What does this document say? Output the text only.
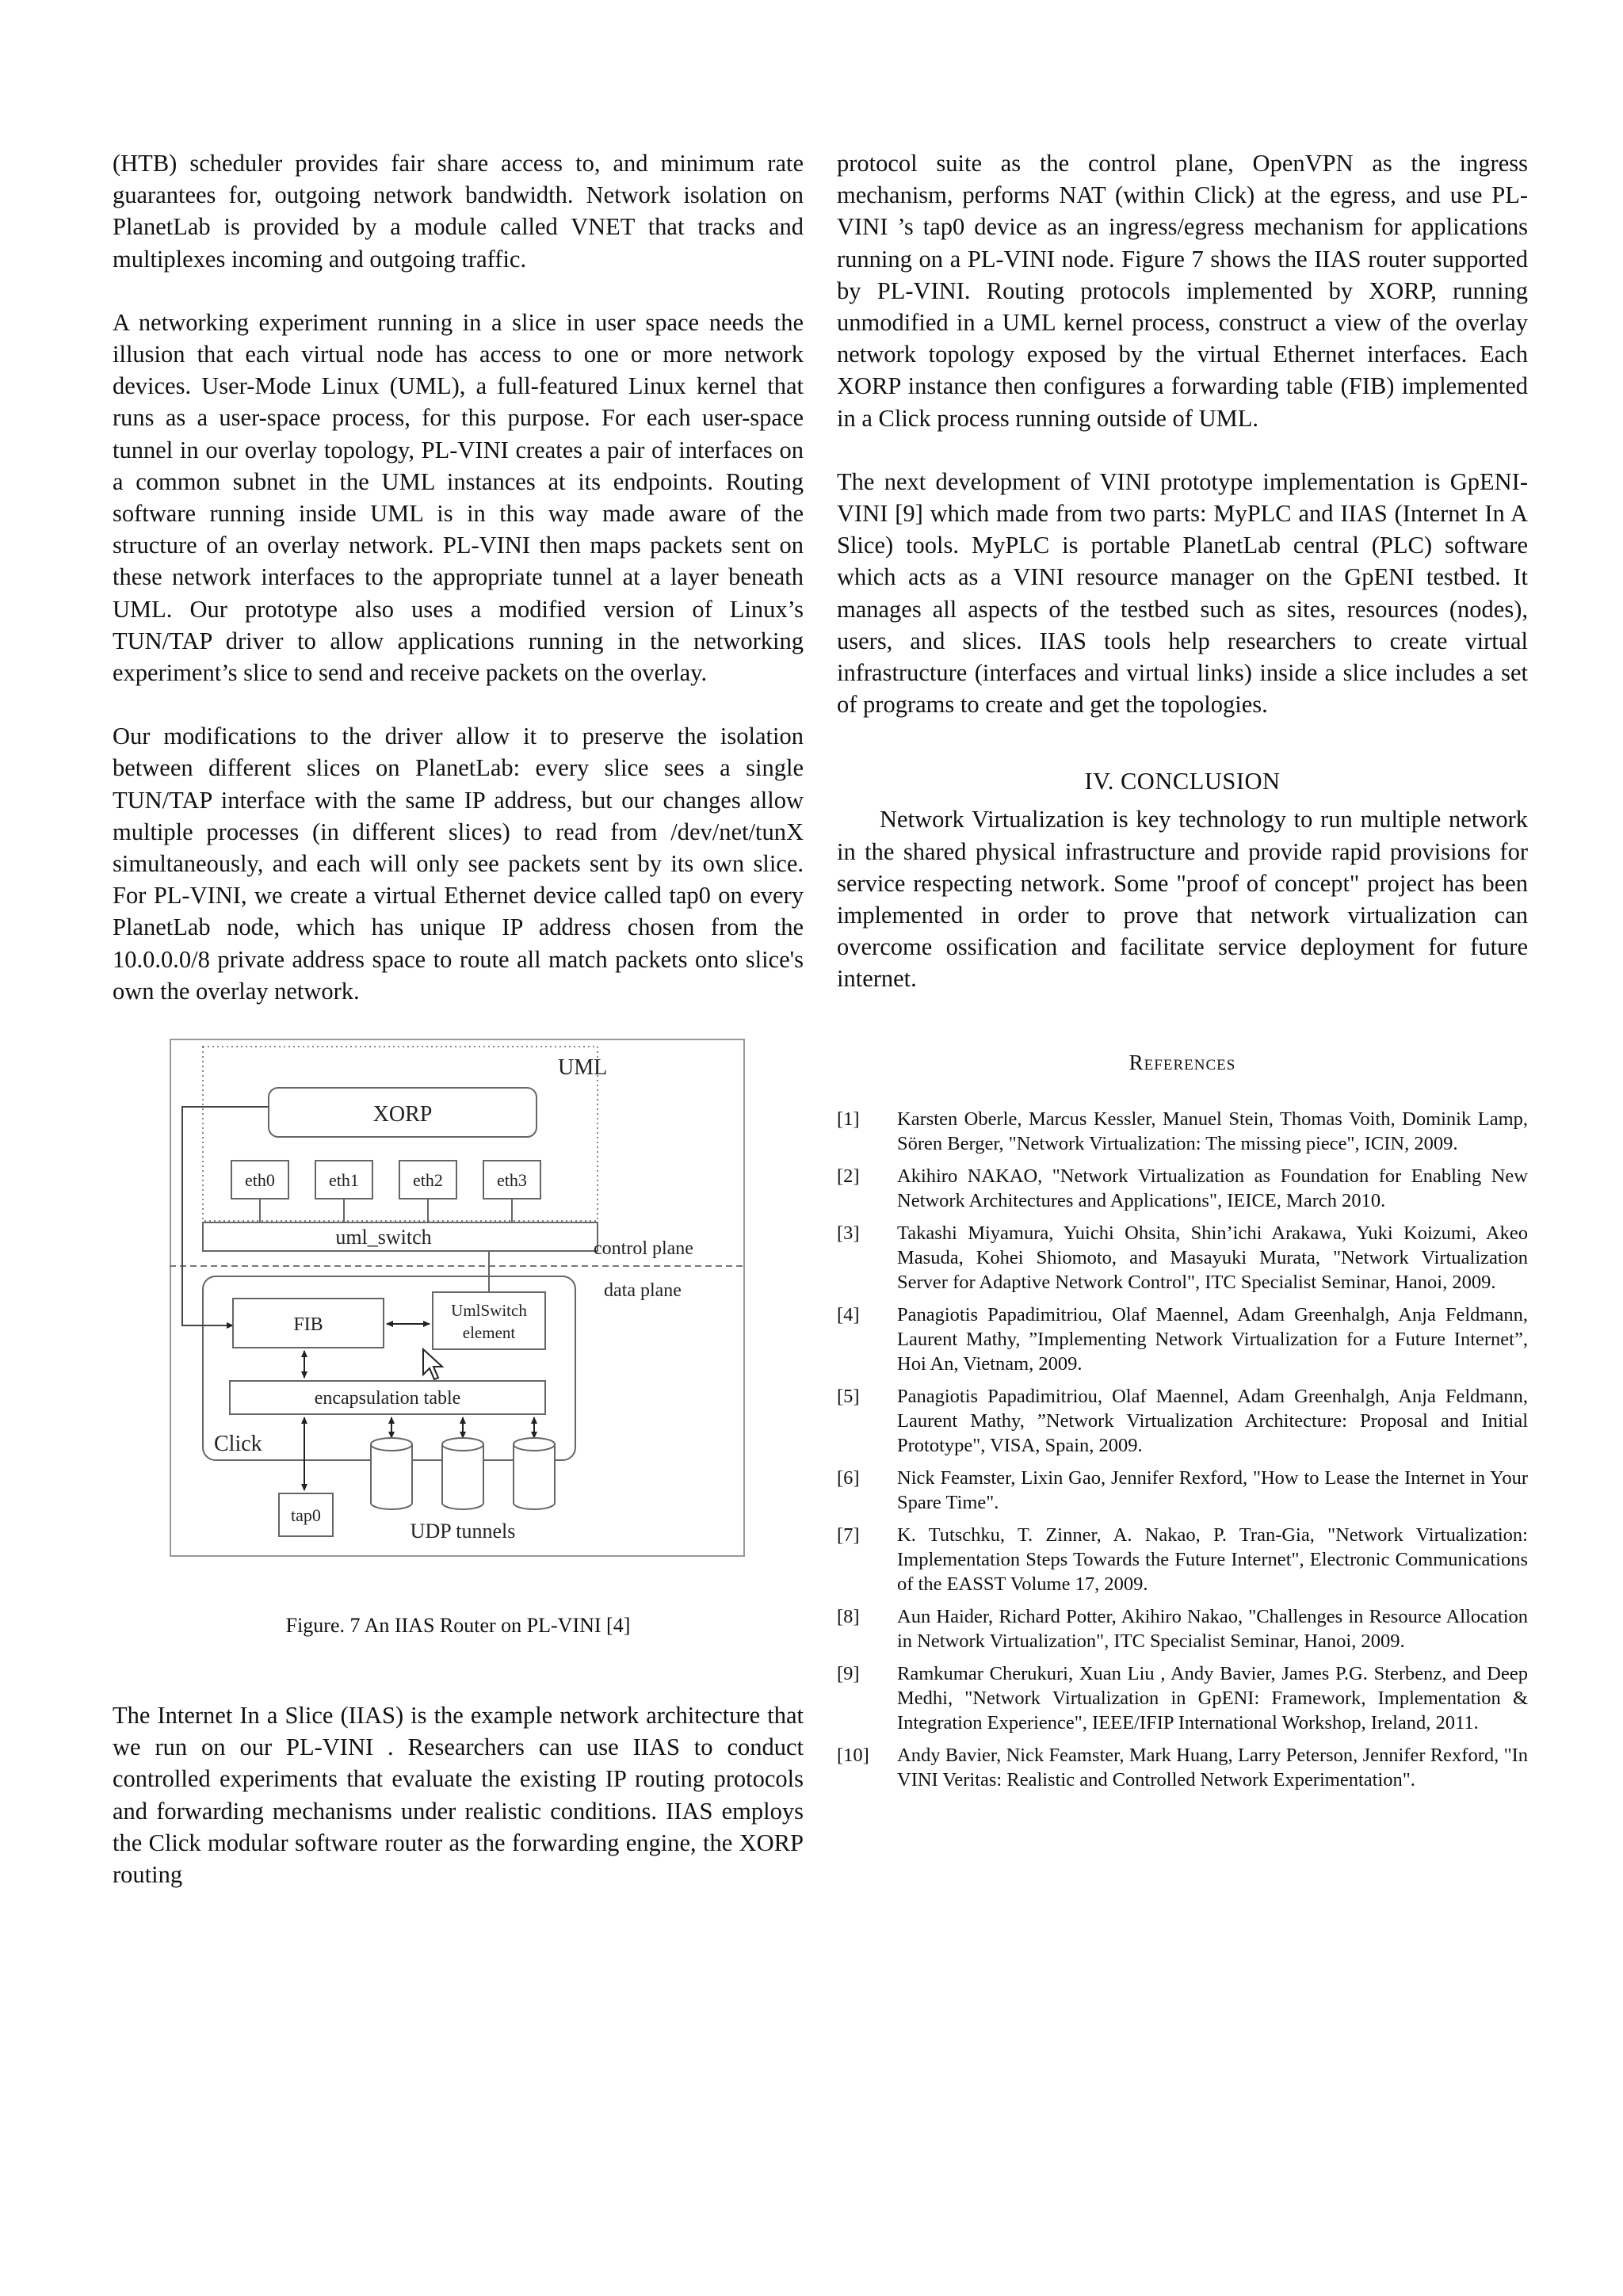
(HTB) scheduler provides fair share access to, and minimum rate guarantees for, outgoing network bandwidth. Network isolation on PlanetLab is provided by a module called VNET that tracks and multiplexes incoming and outgoing traffic.

A networking experiment running in a slice in user space needs the illusion that each virtual node has access to one or more network devices. User-Mode Linux (UML), a full-featured Linux kernel that runs as a user-space process, for this purpose. For each user-space tunnel in our overlay topology, PL-VINI creates a pair of interfaces on a common subnet in the UML instances at its endpoints. Routing software running inside UML is in this way made aware of the structure of an overlay network. PL-VINI then maps packets sent on these network interfaces to the appropriate tunnel at a layer beneath UML. Our prototype also uses a modified version of Linux’s TUN/TAP driver to allow applications running in the networking experiment’s slice to send and receive packets on the overlay.

Our modifications to the driver allow it to preserve the isolation between different slices on PlanetLab: every slice sees a single TUN/TAP interface with the same IP address, but our changes allow multiple processes (in different slices) to read from /dev/net/tunX simultaneously, and each will only see packets sent by its own slice. For PL-VINI, we create a virtual Ethernet device called tap0 on every PlanetLab node, which has unique IP address chosen from the 10.0.0.0/8 private address space to route all match packets onto slice's own the overlay network.

UML
XORP
eth0	eth1	eth2	eth3
uml_switch	control plane
data plane
Click
FIB
UmlSwitch
element
encapsulation table
tap0
UDP tunnels
Figure. 7 An IIAS Router on PL-VINI [4]

The Internet In a Slice (IIAS) is the example network architecture that we run on our PL-VINI . Researchers can use IIAS to conduct controlled experiments that evaluate the existing IP routing protocols and forwarding mechanisms under realistic conditions. IIAS employs the Click modular software router as the forwarding engine, the XORP routing

protocol suite as the control plane, OpenVPN as the ingress mechanism, performs NAT (within Click) at the egress, and use PL-VINI ’s tap0 device as an ingress/egress mechanism for applications running on a PL-VINI node. Figure 7 shows the IIAS router supported by PL-VINI. Routing protocols implemented by XORP, running unmodified in a UML kernel process, construct a view of the overlay network topology exposed by the virtual Ethernet interfaces. Each XORP instance then configures a forwarding table (FIB) implemented in a Click process running outside of UML.

The next development of VINI prototype implementation is GpENI-VINI [9] which made from two parts: MyPLC and IIAS (Internet In A Slice) tools. MyPLC is portable PlanetLab central (PLC) software which acts as a VINI resource manager on the GpENI testbed. It manages all aspects of the testbed such as sites, resources (nodes), users, and slices. IIAS tools help researchers to create virtual infrastructure (interfaces and virtual links) inside a slice includes a set of programs to create and get the topologies.

IV. CONCLUSION

Network Virtualization is key technology to run multiple network in the shared physical infrastructure and provide rapid provisions for service respecting network. Some "proof of concept" project has been implemented in order to prove that network virtualization can overcome ossification and facilitate service deployment for future internet.

References
[1]	Karsten Oberle, Marcus Kessler, Manuel Stein, Thomas Voith, Dominik Lamp, Sören Berger, "Network Virtualization: The missing piece", ICIN, 2009.
[2]	Akihiro NAKAO, "Network Virtualization as Foundation for Enabling New Network Architectures and Applications", IEICE, March 2010.
[3]	Takashi Miyamura, Yuichi Ohsita, Shin’ichi Arakawa, Yuki Koizumi, Akeo Masuda, Kohei Shiomoto, and Masayuki Murata, "Network Virtualization Server for Adaptive Network Control", ITC Specialist Seminar, Hanoi, 2009.
[4]	Panagiotis Papadimitriou, Olaf Maennel, Adam Greenhalgh, Anja Feldmann, Laurent Mathy, ”Implementing Network Virtualization for a Future Internet”, Hoi An, Vietnam, 2009.
[5]	Panagiotis Papadimitriou, Olaf Maennel, Adam Greenhalgh, Anja Feldmann, Laurent Mathy, ”Network Virtualization Architecture: Proposal and Initial Prototype", VISA, Spain, 2009.
[6]	Nick Feamster, Lixin Gao, Jennifer Rexford, "How to Lease the Internet in Your Spare Time".
[7]	K. Tutschku, T. Zinner, A. Nakao, P. Tran-Gia, "Network Virtualization: Implementation Steps Towards the Future Internet", Electronic Communications of the EASST Volume 17, 2009.
[8]	Aun Haider, Richard Potter, Akihiro Nakao, "Challenges in Resource Allocation in Network Virtualization", ITC Specialist Seminar, Hanoi, 2009.
[9]	Ramkumar Cherukuri, Xuan Liu , Andy Bavier, James P.G. Sterbenz, and Deep Medhi, "Network Virtualization in GpENI: Framework, Implementation & Integration Experience", IEEE/IFIP International Workshop, Ireland, 2011.
[10]	Andy Bavier, Nick Feamster, Mark Huang, Larry Peterson, Jennifer Rexford, "In VINI Veritas: Realistic and Controlled Network Experimentation".
